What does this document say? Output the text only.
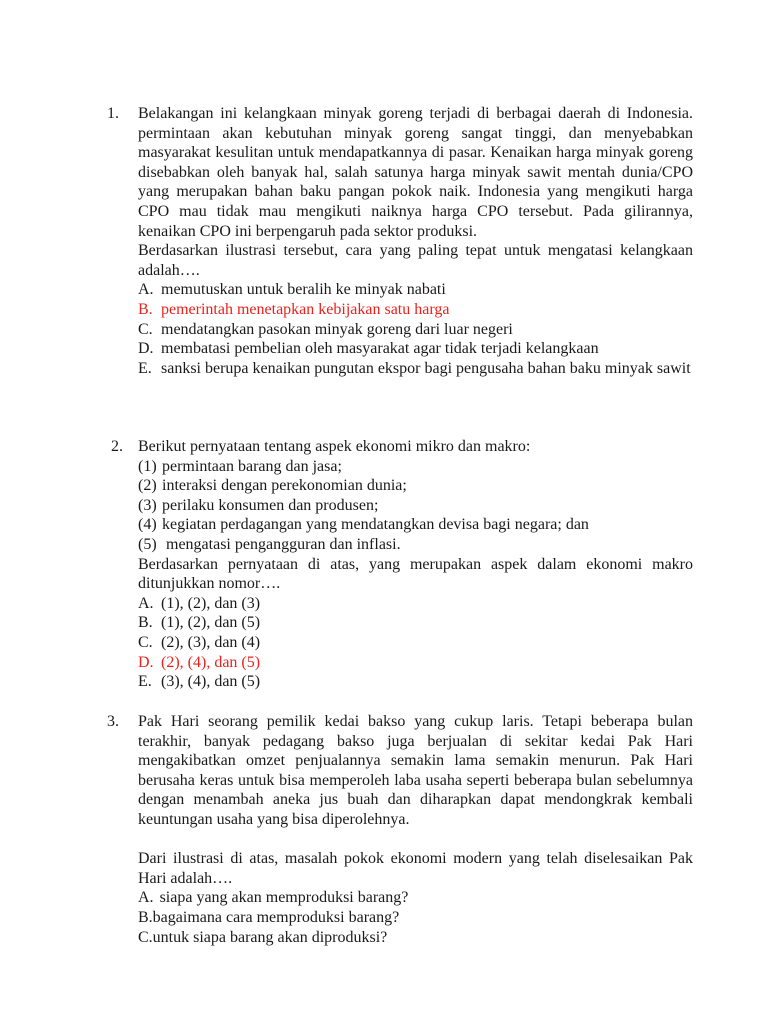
1. Belakangan ini kelangkaan minyak goreng terjadi di berbagai daerah di Indonesia. permintaan akan kebutuhan minyak goreng sangat tinggi, dan menyebabkan masyarakat kesulitan untuk mendapatkannya di pasar. Kenaikan harga minyak goreng disebabkan oleh banyak hal, salah satunya harga minyak sawit mentah dunia/CPO yang merupakan bahan baku pangan pokok naik. Indonesia yang mengikuti harga CPO mau tidak mau mengikuti naiknya harga CPO tersebut. Pada gilirannya, kenaikan CPO ini berpengaruh pada sektor produksi.

Berdasarkan ilustrasi tersebut, cara yang paling tepat untuk mengatasi kelangkaan adalah….

A. memutuskan untuk beralih ke minyak nabati
B. pemerintah menetapkan kebijakan satu harga
C. mendatangkan pasokan minyak goreng dari luar negeri
D. membatasi pembelian oleh masyarakat agar tidak terjadi kelangkaan
E. sanksi berupa kenaikan pungutan ekspor bagi pengusaha bahan baku minyak sawit
2. Berikut pernyataan tentang aspek ekonomi mikro dan makro:

(1) permintaan barang dan jasa;
(2) interaksi dengan perekonomian dunia;
(3) perilaku konsumen dan produsen;
(4) kegiatan perdagangan yang mendatangkan devisa bagi negara; dan
(5) mengatasi pengangguran dan inflasi.

Berdasarkan pernyataan di atas, yang merupakan aspek dalam ekonomi makro ditunjukkan nomor….

A. (1), (2), dan (3)
B. (1), (2), dan (5)
C. (2), (3), dan (4)
D. (2), (4), dan (5)
E. (3), (4), dan (5)
3. Pak Hari seorang pemilik kedai bakso yang cukup laris. Tetapi beberapa bulan terakhir, banyak pedagang bakso juga berjualan di sekitar kedai Pak Hari mengakibatkan omzet penjualannya semakin lama semakin menurun. Pak Hari berusaha keras untuk bisa memperoleh laba usaha seperti beberapa bulan sebelumnya dengan menambah aneka jus buah dan diharapkan dapat mendongkrak kembali keuntungan usaha yang bisa diperolehnya.

Dari ilustrasi di atas, masalah pokok ekonomi modern yang telah diselesaikan Pak Hari adalah….

A. siapa yang akan memproduksi barang?
B. bagaimana cara memproduksi barang?
C. untuk siapa barang akan diproduksi?
